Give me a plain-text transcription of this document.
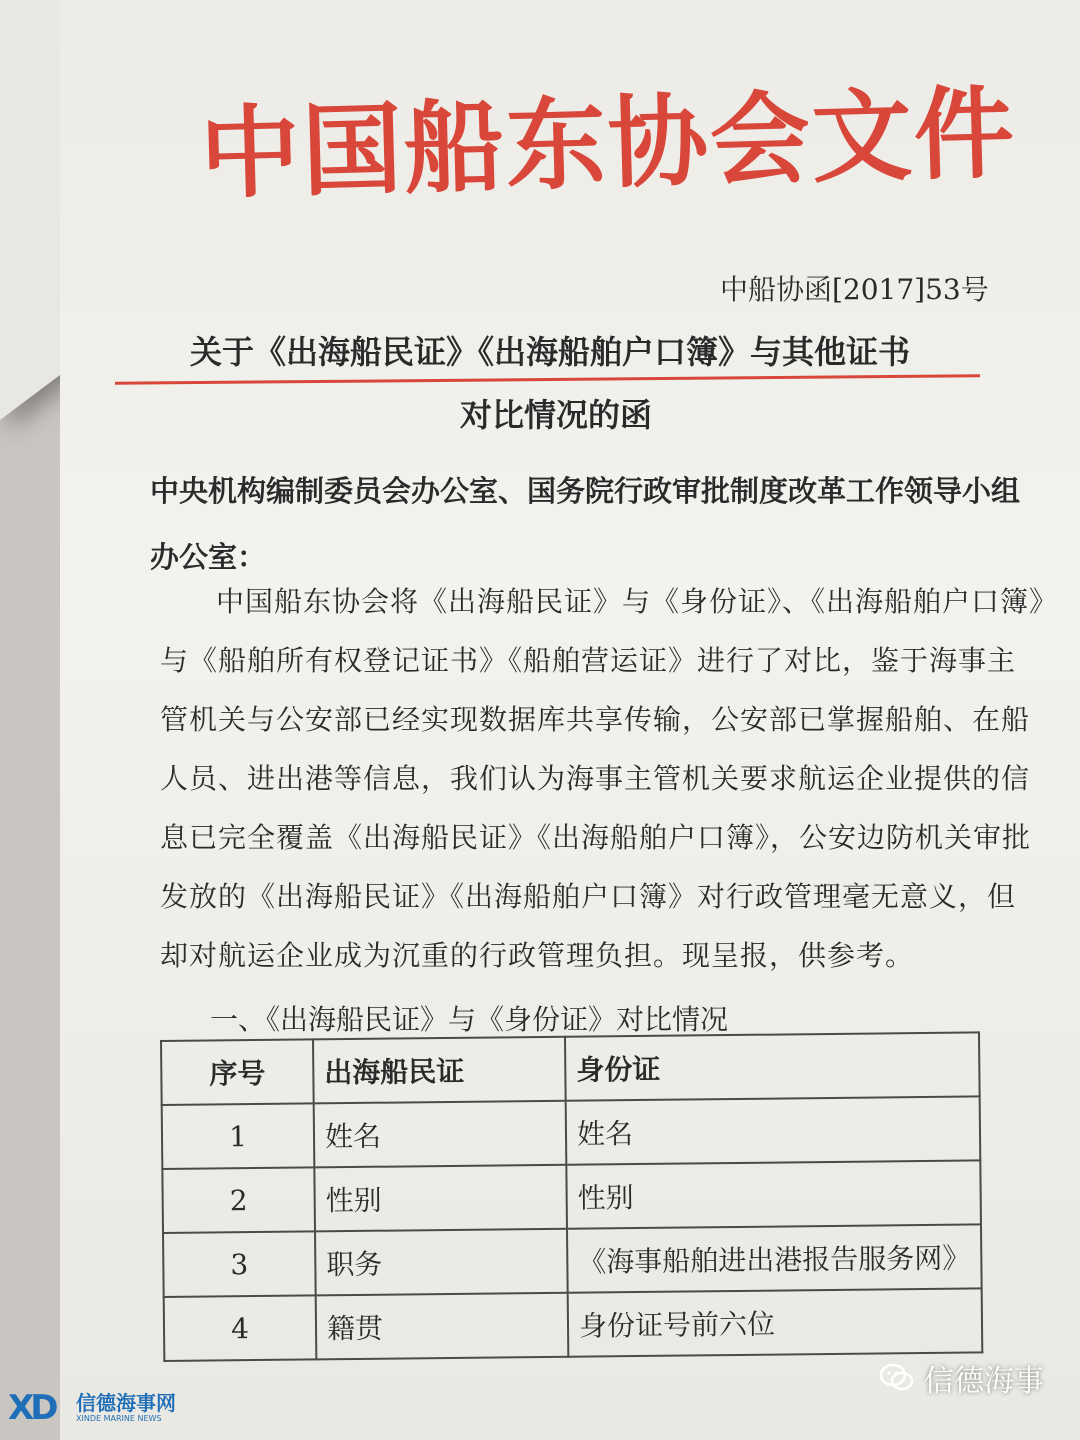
中国船东协会文件
中船协函[2017]53号
关于《出海船民证》《出海船舶户口簿》与其他证书
对比情况的函
中央机构编制委员会办公室、国务院行政审批制度改革工作领导小组
办公室：
中国船东协会将《出海船民证》与《身份证》、《出海船舶户口簿》
与《船舶所有权登记证书》《船舶营运证》进行了对比，鉴于海事主
管机关与公安部已经实现数据库共享传输，公安部已掌握船舶、在船
人员、进出港等信息，我们认为海事主管机关要求航运企业提供的信
息已完全覆盖《出海船民证》《出海船舶户口簿》，公安边防机关审批
发放的《出海船民证》《出海船舶户口簿》对行政管理毫无意义，但
却对航运企业成为沉重的行政管理负担。现呈报，供参考。
一、《出海船民证》与《身份证》对比情况
序号	出海船民证	身份证
1	姓名	姓名
2	性别	性别
3	职务	《海事船舶进出港报告服务网》
4	籍贯	身份证号前六位
信德海事
XD	信德海事网
XINDE MARINE NEWS
